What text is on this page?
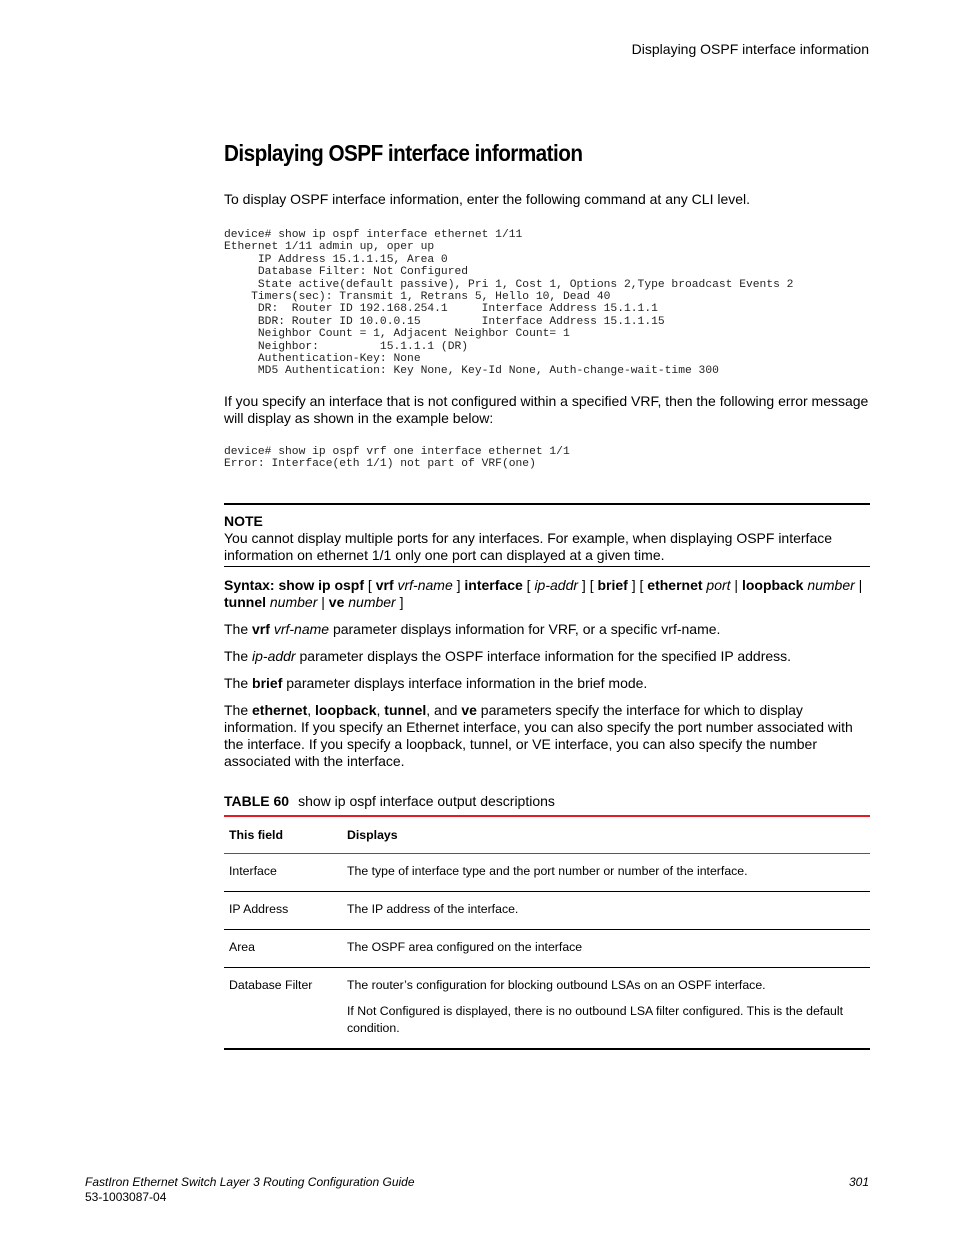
Displaying OSPF interface information
Displaying OSPF interface information

To display OSPF interface information, enter the following command at any CLI level.

device# show ip ospf interface ethernet 1/11
Ethernet 1/11 admin up, oper up
IP Address 15.1.1.15, Area 0
Database Filter: Not Configured
State active(default passive), Pri 1, Cost 1, Options 2,Type broadcast Events 2
Timers(sec): Transmit 1, Retrans 5, Hello 10, Dead 40
DR:  Router ID 192.168.254.1     Interface Address 15.1.1.1
BDR: Router ID 10.0.0.15         Interface Address 15.1.1.15
Neighbor Count = 1, Adjacent Neighbor Count= 1
Neighbor:         15.1.1.1 (DR)
Authentication-Key: None
MD5 Authentication: Key None, Key-Id None, Auth-change-wait-time 300

If you specify an interface that is not configured within a specified VRF, then the following error message will display as shown in the example below:

device# show ip ospf vrf one interface ethernet 1/1
Error: Interface(eth 1/1) not part of VRF(one)
NOTE

You cannot display multiple ports for any interfaces. For example, when displaying OSPF interface information on ethernet 1/1 only one port can displayed at a given time.

Syntax: show ip ospf [ vrf vrf-name ] interface [ ip-addr ] [ brief ] [ ethernet port | loopback number | tunnel number | ve number ]

The vrf vrf-name parameter displays information for VRF, or a specific vrf-name.

The ip-addr parameter displays the OSPF interface information for the specified IP address.

The brief parameter displays interface information in the brief mode.

The ethernet, loopback, tunnel, and ve parameters specify the interface for which to display information. If you specify an Ethernet interface, you can also specify the port number associated with the interface. If you specify a loopback, tunnel, or VE interface, you can also specify the number associated with the interface.

TABLE 60 show ip ospf interface output descriptions
This field	Displays
Interface	The type of interface type and the port number or number of the interface.
IP Address	The IP address of the interface.
Area	The OSPF area configured on the interface
Database Filter	The router’s configuration for blocking outbound LSAs on an OSPF interface.
If Not Configured is displayed, there is no outbound LSA filter configured. This is the default condition.
FastIron Ethernet Switch Layer 3 Routing Configuration Guide
53-1003087-04
301
